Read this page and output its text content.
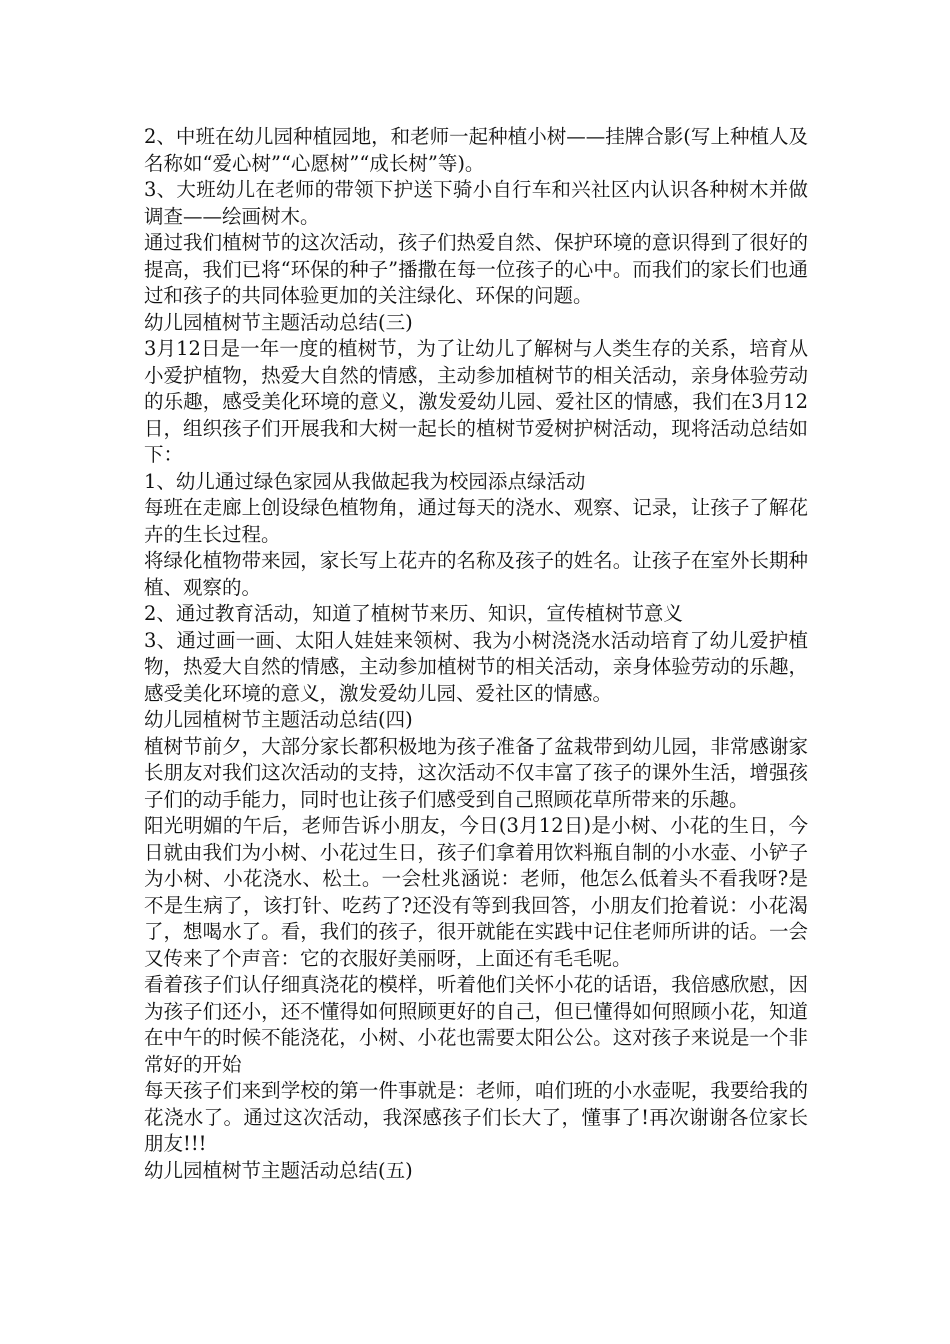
2、中班在幼儿园种植园地，和老师一起种植小树——挂牌合影(写上种植人及名称如“爱心树”“心愿树”“成长树”等)。

3、大班幼儿在老师的带领下护送下骑小自行车和兴社区内认识各种树木并做调查——绘画树木。

通过我们植树节的这次活动，孩子们热爱自然、保护环境的意识得到了很好的提高，我们已将“环保的种子”播撒在每一位孩子的心中。而我们的家长们也通过和孩子的共同体验更加的关注绿化、环保的问题。

幼儿园植树节主题活动总结(三)

3月12日是一年一度的植树节，为了让幼儿了解树与人类生存的关系，培育从小爱护植物，热爱大自然的情感，主动参加植树节的相关活动，亲身体验劳动的乐趣，感受美化环境的意义，激发爱幼儿园、爱社区的情感，我们在3月12日，组织孩子们开展我和大树一起长的植树节爱树护树活动，现将活动总结如下：

1、幼儿通过绿色家园从我做起我为校园添点绿活动

每班在走廊上创设绿色植物角，通过每天的浇水、观察、记录，让孩子了解花卉的生长过程。

将绿化植物带来园，家长写上花卉的名称及孩子的姓名。让孩子在室外长期种植、观察的。

2、通过教育活动，知道了植树节来历、知识，宣传植树节意义

3、通过画一画、太阳人娃娃来领树、我为小树浇浇水活动培育了幼儿爱护植物，热爱大自然的情感，主动参加植树节的相关活动，亲身体验劳动的乐趣，感受美化环境的意义，激发爱幼儿园、爱社区的情感。

幼儿园植树节主题活动总结(四)

植树节前夕，大部分家长都积极地为孩子准备了盆栽带到幼儿园，非常感谢家长朋友对我们这次活动的支持，这次活动不仅丰富了孩子的课外生活，增强孩子们的动手能力，同时也让孩子们感受到自己照顾花草所带来的乐趣。

阳光明媚的午后，老师告诉小朋友，今日(3月12日)是小树、小花的生日，今日就由我们为小树、小花过生日，孩子们拿着用饮料瓶自制的小水壶、小铲子为小树、小花浇水、松土。一会杜兆涵说：老师，他怎么低着头不看我呀?是不是生病了，该打针、吃药了?还没有等到我回答，小朋友们抢着说：小花渴了，想喝水了。看，我们的孩子，很开就能在实践中记住老师所讲的话。一会又传来了个声音：它的衣服好美丽呀，上面还有毛毛呢。

看着孩子们认仔细真浇花的模样，听着他们关怀小花的话语，我倍感欣慰，因为孩子们还小，还不懂得如何照顾更好的自己，但已懂得如何照顾小花，知道在中午的时候不能浇花，小树、小花也需要太阳公公。这对孩子来说是一个非常好的开始

每天孩子们来到学校的第一件事就是：老师，咱们班的小水壶呢，我要给我的花浇水了。通过这次活动，我深感孩子们长大了，懂事了!再次谢谢各位家长朋友!!!

幼儿园植树节主题活动总结(五)
